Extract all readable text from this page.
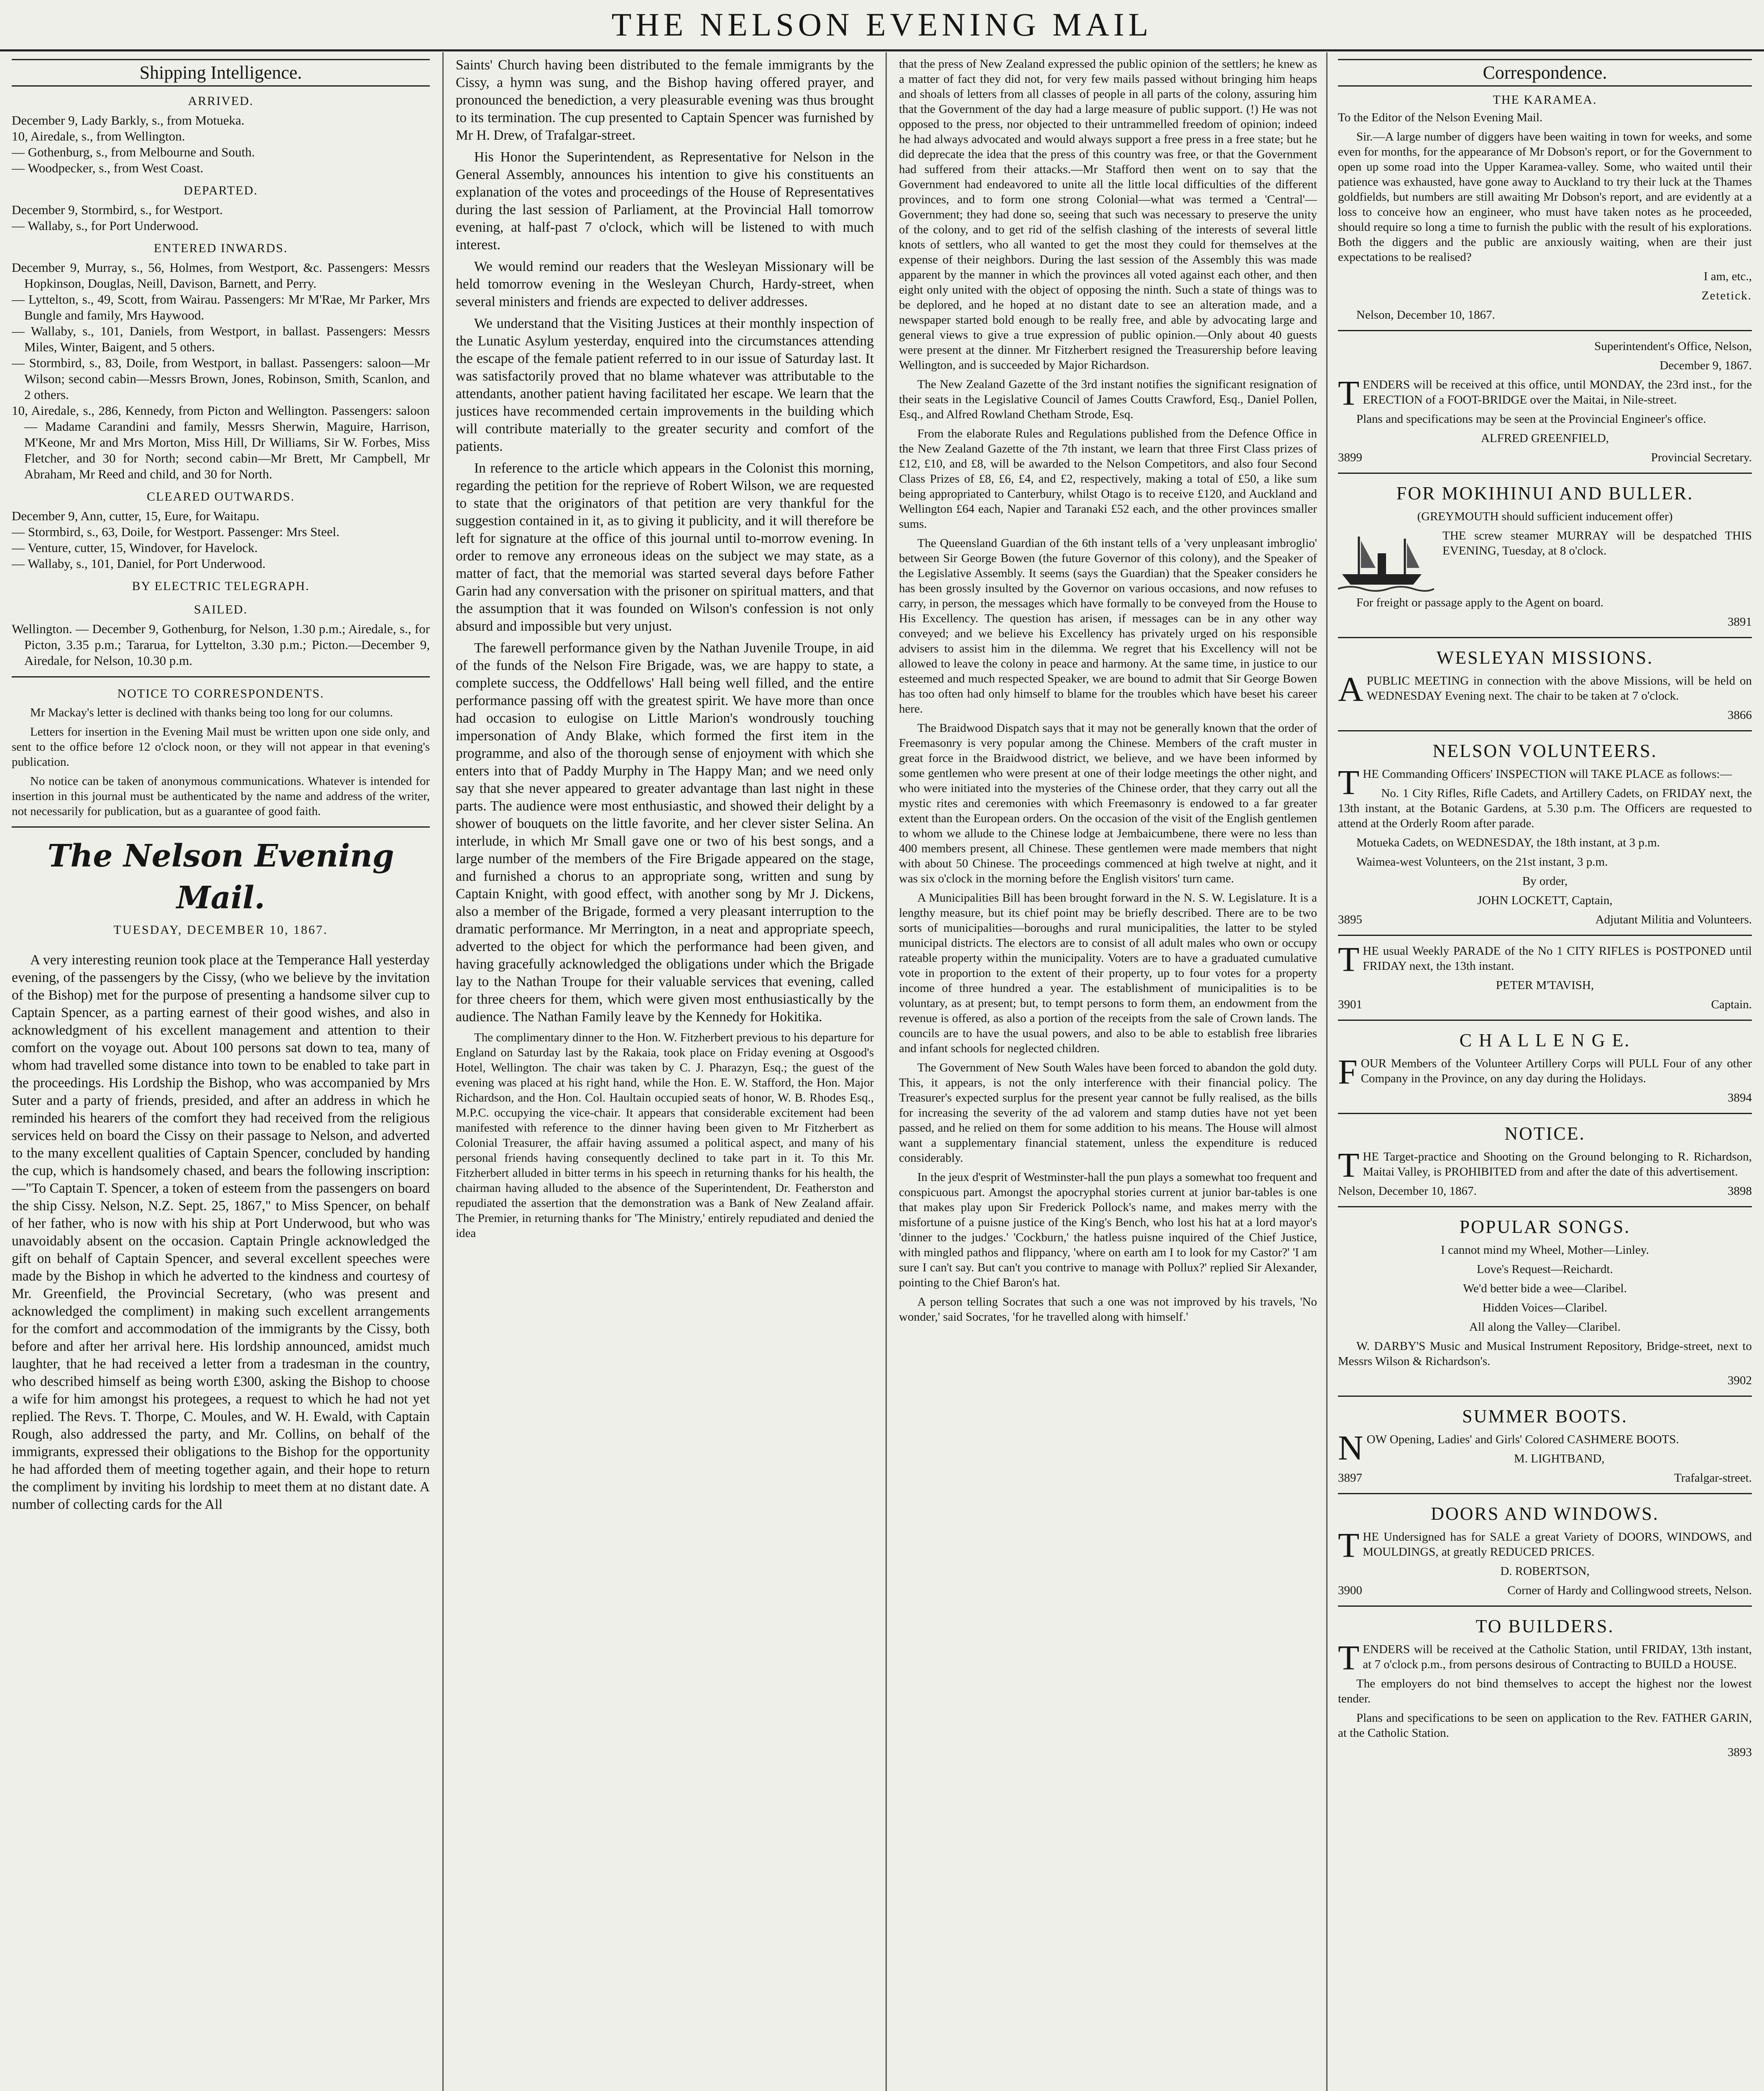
THE NELSON EVENING MAIL
Shipping Intelligence.
ARRIVED.

December 9, Lady Barkly, s., from Motueka.

10, Airedale, s., from Wellington.

— Gothenburg, s., from Melbourne and South.

— Woodpecker, s., from West Coast.

DEPARTED.

December 9, Stormbird, s., for Westport.

— Wallaby, s., for Port Underwood.

ENTERED INWARDS.

December 9, Murray, s., 56, Holmes, from Westport, &c. Passengers: Messrs Hopkinson, Douglas, Neill, Davison, Barnett, and Perry.

— Lyttelton, s., 49, Scott, from Wairau. Passengers: Mr M'Rae, Mr Parker, Mrs Bungle and family, Mrs Haywood.

— Wallaby, s., 101, Daniels, from Westport, in ballast. Passengers: Messrs Miles, Winter, Baigent, and 5 others.

— Stormbird, s., 83, Doile, from Westport, in ballast. Passengers: saloon—Mr Wilson; second cabin—Messrs Brown, Jones, Robinson, Smith, Scanlon, and 2 others.

10, Airedale, s., 286, Kennedy, from Picton and Wellington. Passengers: saloon — Madame Carandini and family, Messrs Sherwin, Maguire, Harrison, M'Keone, Mr and Mrs Morton, Miss Hill, Dr Williams, Sir W. Forbes, Miss Fletcher, and 30 for North; second cabin—Mr Brett, Mr Campbell, Mr Abraham, Mr Reed and child, and 30 for North.

CLEARED OUTWARDS.

December 9, Ann, cutter, 15, Eure, for Waitapu.

— Stormbird, s., 63, Doile, for Westport. Passenger: Mrs Steel.

— Venture, cutter, 15, Windover, for Havelock.

— Wallaby, s., 101, Daniel, for Port Underwood.

BY ELECTRIC TELEGRAPH.
SAILED.

Wellington. — December 9, Gothenburg, for Nelson, 1.30 p.m.; Airedale, s., for Picton, 3.35 p.m.; Tararua, for Lyttelton, 3.30 p.m.; Picton.—December 9, Airedale, for Nelson, 10.30 p.m.

NOTICE TO CORRESPONDENTS.

Mr Mackay's letter is declined with thanks being too long for our columns.

Letters for insertion in the Evening Mail must be written upon one side only, and sent to the office before 12 o'clock noon, or they will not appear in that evening's publication.

No notice can be taken of anonymous communications. Whatever is intended for insertion in this journal must be authenticated by the name and address of the writer, not necessarily for publication, but as a guarantee of good faith.

The Nelson Evening Mail.
TUESDAY, DECEMBER 10, 1867.

A very interesting reunion took place at the Temperance Hall yesterday evening, of the passengers by the Cissy, (who we believe by the invitation of the Bishop) met for the purpose of presenting a handsome silver cup to Captain Spencer, as a parting earnest of their good wishes, and also in acknowledgment of his excellent management and attention to their comfort on the voyage out. About 100 persons sat down to tea, many of whom had travelled some distance into town to be enabled to take part in the proceedings. His Lordship the Bishop, who was accompanied by Mrs Suter and a party of friends, presided, and after an address in which he reminded his hearers of the comfort they had received from the religious services held on board the Cissy on their passage to Nelson, and adverted to the many excellent qualities of Captain Spencer, concluded by handing the cup, which is handsomely chased, and bears the following inscription:—"To Captain T. Spencer, a token of esteem from the passengers on board the ship Cissy. Nelson, N.Z. Sept. 25, 1867," to Miss Spencer, on behalf of her father, who is now with his ship at Port Underwood, but who was unavoidably absent on the occasion. Captain Pringle acknowledged the gift on behalf of Captain Spencer, and several excellent speeches were made by the Bishop in which he adverted to the kindness and courtesy of Mr. Greenfield, the Provincial Secretary, (who was present and acknowledged the compliment) in making such excellent arrangements for the comfort and accommodation of the immigrants by the Cissy, both before and after her arrival here. His lordship announced, amidst much laughter, that he had received a letter from a tradesman in the country, who described himself as being worth £300, asking the Bishop to choose a wife for him amongst his protegees, a request to which he had not yet replied. The Revs. T. Thorpe, C. Moules, and W. H. Ewald, with Captain Rough, also addressed the party, and Mr. Collins, on behalf of the immigrants, expressed their obligations to the Bishop for the opportunity he had afforded them of meeting together again, and their hope to return the compliment by inviting his lordship to meet them at no distant date. A number of collecting cards for the All

Saints' Church having been distributed to the female immigrants by the Cissy, a hymn was sung, and the Bishop having offered prayer, and pronounced the benediction, a very pleasurable evening was thus brought to its termination. The cup presented to Captain Spencer was furnished by Mr H. Drew, of Trafalgar-street.

His Honor the Superintendent, as Representative for Nelson in the General Assembly, announces his intention to give his constituents an explanation of the votes and proceedings of the House of Representatives during the last session of Parliament, at the Provincial Hall tomorrow evening, at half-past 7 o'clock, which will be listened to with much interest.

We would remind our readers that the Wesleyan Missionary will be held tomorrow evening in the Wesleyan Church, Hardy-street, when several ministers and friends are expected to deliver addresses.

We understand that the Visiting Justices at their monthly inspection of the Lunatic Asylum yesterday, enquired into the circumstances attending the escape of the female patient referred to in our issue of Saturday last. It was satisfactorily proved that no blame whatever was attributable to the attendants, another patient having facilitated her escape. We learn that the justices have recommended certain improvements in the building which will contribute materially to the greater security and comfort of the patients.

In reference to the article which appears in the Colonist this morning, regarding the petition for the reprieve of Robert Wilson, we are requested to state that the originators of that petition are very thankful for the suggestion contained in it, as to giving it publicity, and it will therefore be left for signature at the office of this journal until to-morrow evening. In order to remove any erroneous ideas on the subject we may state, as a matter of fact, that the memorial was started several days before Father Garin had any conversation with the prisoner on spiritual matters, and that the assumption that it was founded on Wilson's confession is not only absurd and impossible but very unjust.

The farewell performance given by the Nathan Juvenile Troupe, in aid of the funds of the Nelson Fire Brigade, was, we are happy to state, a complete success, the Oddfellows' Hall being well filled, and the entire performance passing off with the greatest spirit. We have more than once had occasion to eulogise on Little Marion's wondrously touching impersonation of Andy Blake, which formed the first item in the programme, and also of the thorough sense of enjoyment with which she enters into that of Paddy Murphy in The Happy Man; and we need only say that she never appeared to greater advantage than last night in these parts. The audience were most enthusiastic, and showed their delight by a shower of bouquets on the little favorite, and her clever sister Selina. An interlude, in which Mr Small gave one or two of his best songs, and a large number of the members of the Fire Brigade appeared on the stage, and furnished a chorus to an appropriate song, written and sung by Captain Knight, with good effect, with another song by Mr J. Dickens, also a member of the Brigade, formed a very pleasant interruption to the dramatic performance. Mr Merrington, in a neat and appropriate speech, adverted to the object for which the performance had been given, and having gracefully acknowledged the obligations under which the Brigade lay to the Nathan Troupe for their valuable services that evening, called for three cheers for them, which were given most enthusiastically by the audience. The Nathan Family leave by the Kennedy for Hokitika.

The complimentary dinner to the Hon. W. Fitzherbert previous to his departure for England on Saturday last by the Rakaia, took place on Friday evening at Osgood's Hotel, Wellington. The chair was taken by C. J. Pharazyn, Esq.; the guest of the evening was placed at his right hand, while the Hon. E. W. Stafford, the Hon. Major Richardson, and the Hon. Col. Haultain occupied seats of honor, W. B. Rhodes Esq., M.P.C. occupying the vice-chair. It appears that considerable excitement had been manifested with reference to the dinner having been given to Mr Fitzherbert as Colonial Treasurer, the affair having assumed a political aspect, and many of his personal friends having consequently declined to take part in it. To this Mr. Fitzherbert alluded in bitter terms in his speech in returning thanks for his health, the chairman having alluded to the absence of the Superintendent, Dr. Featherston and repudiated the assertion that the demonstration was a Bank of New Zealand affair. The Premier, in returning thanks for 'The Ministry,' entirely repudiated and denied the idea

that the press of New Zealand expressed the public opinion of the settlers; he knew as a matter of fact they did not, for very few mails passed without bringing him heaps and shoals of letters from all classes of people in all parts of the colony, assuring him that the Government of the day had a large measure of public support. (!) He was not opposed to the press, nor objected to their untrammelled freedom of opinion; indeed he had always advocated and would always support a free press in a free state; but he did deprecate the idea that the press of this country was free, or that the Government had suffered from their attacks.—Mr Stafford then went on to say that the Government had endeavored to unite all the little local difficulties of the different provinces, and to form one strong Colonial—what was termed a 'Central'—Government; they had done so, seeing that such was necessary to preserve the unity of the colony, and to get rid of the selfish clashing of the interests of several little knots of settlers, who all wanted to get the most they could for themselves at the expense of their neighbors. During the last session of the Assembly this was made apparent by the manner in which the provinces all voted against each other, and then eight only united with the object of opposing the ninth. Such a state of things was to be deplored, and he hoped at no distant date to see an alteration made, and a newspaper started bold enough to be really free, and able by advocating large and general views to give a true expression of public opinion.—Only about 40 guests were present at the dinner. Mr Fitzherbert resigned the Treasurership before leaving Wellington, and is succeeded by Major Richardson.

The New Zealand Gazette of the 3rd instant notifies the significant resignation of their seats in the Legislative Council of James Coutts Crawford, Esq., Daniel Pollen, Esq., and Alfred Rowland Chetham Strode, Esq.

From the elaborate Rules and Regulations published from the Defence Office in the New Zealand Gazette of the 7th instant, we learn that three First Class prizes of £12, £10, and £8, will be awarded to the Nelson Competitors, and also four Second Class Prizes of £8, £6, £4, and £2, respectively, making a total of £50, a like sum being appropriated to Canterbury, whilst Otago is to receive £120, and Auckland and Wellington £64 each, Napier and Taranaki £52 each, and the other provinces smaller sums.

The Queensland Guardian of the 6th instant tells of a 'very unpleasant imbroglio' between Sir George Bowen (the future Governor of this colony), and the Speaker of the Legislative Assembly. It seems (says the Guardian) that the Speaker considers he has been grossly insulted by the Governor on various occasions, and now refuses to carry, in person, the messages which have formally to be conveyed from the House to His Excellency. The question has arisen, if messages can be in any other way conveyed; and we believe his Excellency has privately urged on his responsible advisers to assist him in the dilemma. We regret that his Excellency will not be allowed to leave the colony in peace and harmony. At the same time, in justice to our esteemed and much respected Speaker, we are bound to admit that Sir George Bowen has too often had only himself to blame for the troubles which have beset his career here.

The Braidwood Dispatch says that it may not be generally known that the order of Freemasonry is very popular among the Chinese. Members of the craft muster in great force in the Braidwood district, we believe, and we have been informed by some gentlemen who were present at one of their lodge meetings the other night, and who were initiated into the mysteries of the Chinese order, that they carry out all the mystic rites and ceremonies with which Freemasonry is endowed to a far greater extent than the European orders. On the occasion of the visit of the English gentlemen to whom we allude to the Chinese lodge at Jembaicumbene, there were no less than 400 members present, all Chinese. These gentlemen were made members that night with about 50 Chinese. The proceedings commenced at high twelve at night, and it was six o'clock in the morning before the English visitors' turn came.

A Municipalities Bill has been brought forward in the N. S. W. Legislature. It is a lengthy measure, but its chief point may be briefly described. There are to be two sorts of municipalities—boroughs and rural municipalities, the latter to be styled municipal districts. The electors are to consist of all adult males who own or occupy rateable property within the municipality. Voters are to have a graduated cumulative vote in proportion to the extent of their property, up to four votes for a property income of three hundred a year. The establishment of municipalities is to be voluntary, as at present; but, to tempt persons to form them, an endowment from the revenue is offered, as also a portion of the receipts from the sale of Crown lands. The councils are to have the usual powers, and also to be able to establish free libraries and infant schools for neglected children.

The Government of New South Wales have been forced to abandon the gold duty. This, it appears, is not the only interference with their financial policy. The Treasurer's expected surplus for the present year cannot be fully realised, as the bills for increasing the severity of the ad valorem and stamp duties have not yet been passed, and he relied on them for some addition to his means. The House will almost want a supplementary financial statement, unless the expenditure is reduced considerably.

In the jeux d'esprit of Westminster-hall the pun plays a somewhat too frequent and conspicuous part. Amongst the apocryphal stories current at junior bar-tables is one that makes play upon Sir Frederick Pollock's name, and makes merry with the misfortune of a puisne justice of the King's Bench, who lost his hat at a lord mayor's 'dinner to the judges.' 'Cockburn,' the hatless puisne inquired of the Chief Justice, with mingled pathos and flippancy, 'where on earth am I to look for my Castor?' 'I am sure I can't say. But can't you contrive to manage with Pollux?' replied Sir Alexander, pointing to the Chief Baron's hat.

A person telling Socrates that such a one was not improved by his travels, 'No wonder,' said Socrates, 'for he travelled along with himself.'

Correspondence.
THE KARAMEA.

To the Editor of the Nelson Evening Mail.

Sir.—A large number of diggers have been waiting in town for weeks, and some even for months, for the appearance of Mr Dobson's report, or for the Government to open up some road into the Upper Karamea-valley. Some, who waited until their patience was exhausted, have gone away to Auckland to try their luck at the Thames goldfields, but numbers are still awaiting Mr Dobson's report, and are evidently at a loss to conceive how an engineer, who must have taken notes as he proceeded, should require so long a time to furnish the public with the result of his explorations. Both the diggers and the public are anxiously waiting, when are their just expectations to be realised?

I am, etc.,

Zetetick.

Nelson, December 10, 1867.

Superintendent's Office, Nelson,

December 9, 1867.

TENDERS will be received at this office, until MONDAY, the 23rd inst., for the ERECTION of a FOOT-BRIDGE over the Maitai, in Nile-street.

Plans and specifications may be seen at the Provincial Engineer's office.

ALFRED GREENFIELD,

3899	Provincial Secretary.
FOR MOKIHINUI AND BULLER.

(GREYMOUTH should sufficient inducement offer)

THE screw steamer MURRAY will be despatched THIS EVENING, Tuesday, at 8 o'clock.

For freight or passage apply to the Agent on board.

3891
WESLEYAN MISSIONS.

APUBLIC MEETING in connection with the above Missions, will be held on WEDNESDAY Evening next. The chair to be taken at 7 o'clock.

3866
NELSON VOLUNTEERS.

THE Commanding Officers' INSPECTION will TAKE PLACE as follows:—

No. 1 City Rifles, Rifle Cadets, and Artillery Cadets, on FRIDAY next, the 13th instant, at the Botanic Gardens, at 5.30 p.m. The Officers are requested to attend at the Orderly Room after parade.

Motueka Cadets, on WEDNESDAY, the 18th instant, at 3 p.m.

Waimea-west Volunteers, on the 21st instant, 3 p.m.

By order,

JOHN LOCKETT, Captain,

3895	Adjutant Militia and Volunteers.

THE usual Weekly PARADE of the No 1 CITY RIFLES is POSTPONED until FRIDAY next, the 13th instant.

PETER M'TAVISH,

3901	Captain.
C H A L L E N G E.

FOUR Members of the Volunteer Artillery Corps will PULL Four of any other Company in the Province, on any day during the Holidays.

3894
NOTICE.

THE Target-practice and Shooting on the Ground belonging to R. Richardson, Maitai Valley, is PROHIBITED from and after the date of this advertisement.

Nelson, December 10, 1867.	3898
POPULAR SONGS.

I cannot mind my Wheel, Mother—Linley.

Love's Request—Reichardt.

We'd better bide a wee—Claribel.

Hidden Voices—Claribel.

All along the Valley—Claribel.

W. DARBY'S Music and Musical Instrument Repository, Bridge-street, next to Messrs Wilson & Richardson's.

3902
SUMMER BOOTS.

NOW Opening, Ladies' and Girls' Colored CASHMERE BOOTS.

M. LIGHTBAND,

3897	Trafalgar-street.
DOORS AND WINDOWS.

THE Undersigned has for SALE a great Variety of DOORS, WINDOWS, and MOULDINGS, at greatly REDUCED PRICES.

D. ROBERTSON,

3900	Corner of Hardy and Collingwood streets, Nelson.
TO BUILDERS.

TENDERS will be received at the Catholic Station, until FRIDAY, 13th instant, at 7 o'clock p.m., from persons desirous of Contracting to BUILD a HOUSE.

The employers do not bind themselves to accept the highest nor the lowest tender.

Plans and specifications to be seen on application to the Rev. FATHER GARIN, at the Catholic Station.

3893
